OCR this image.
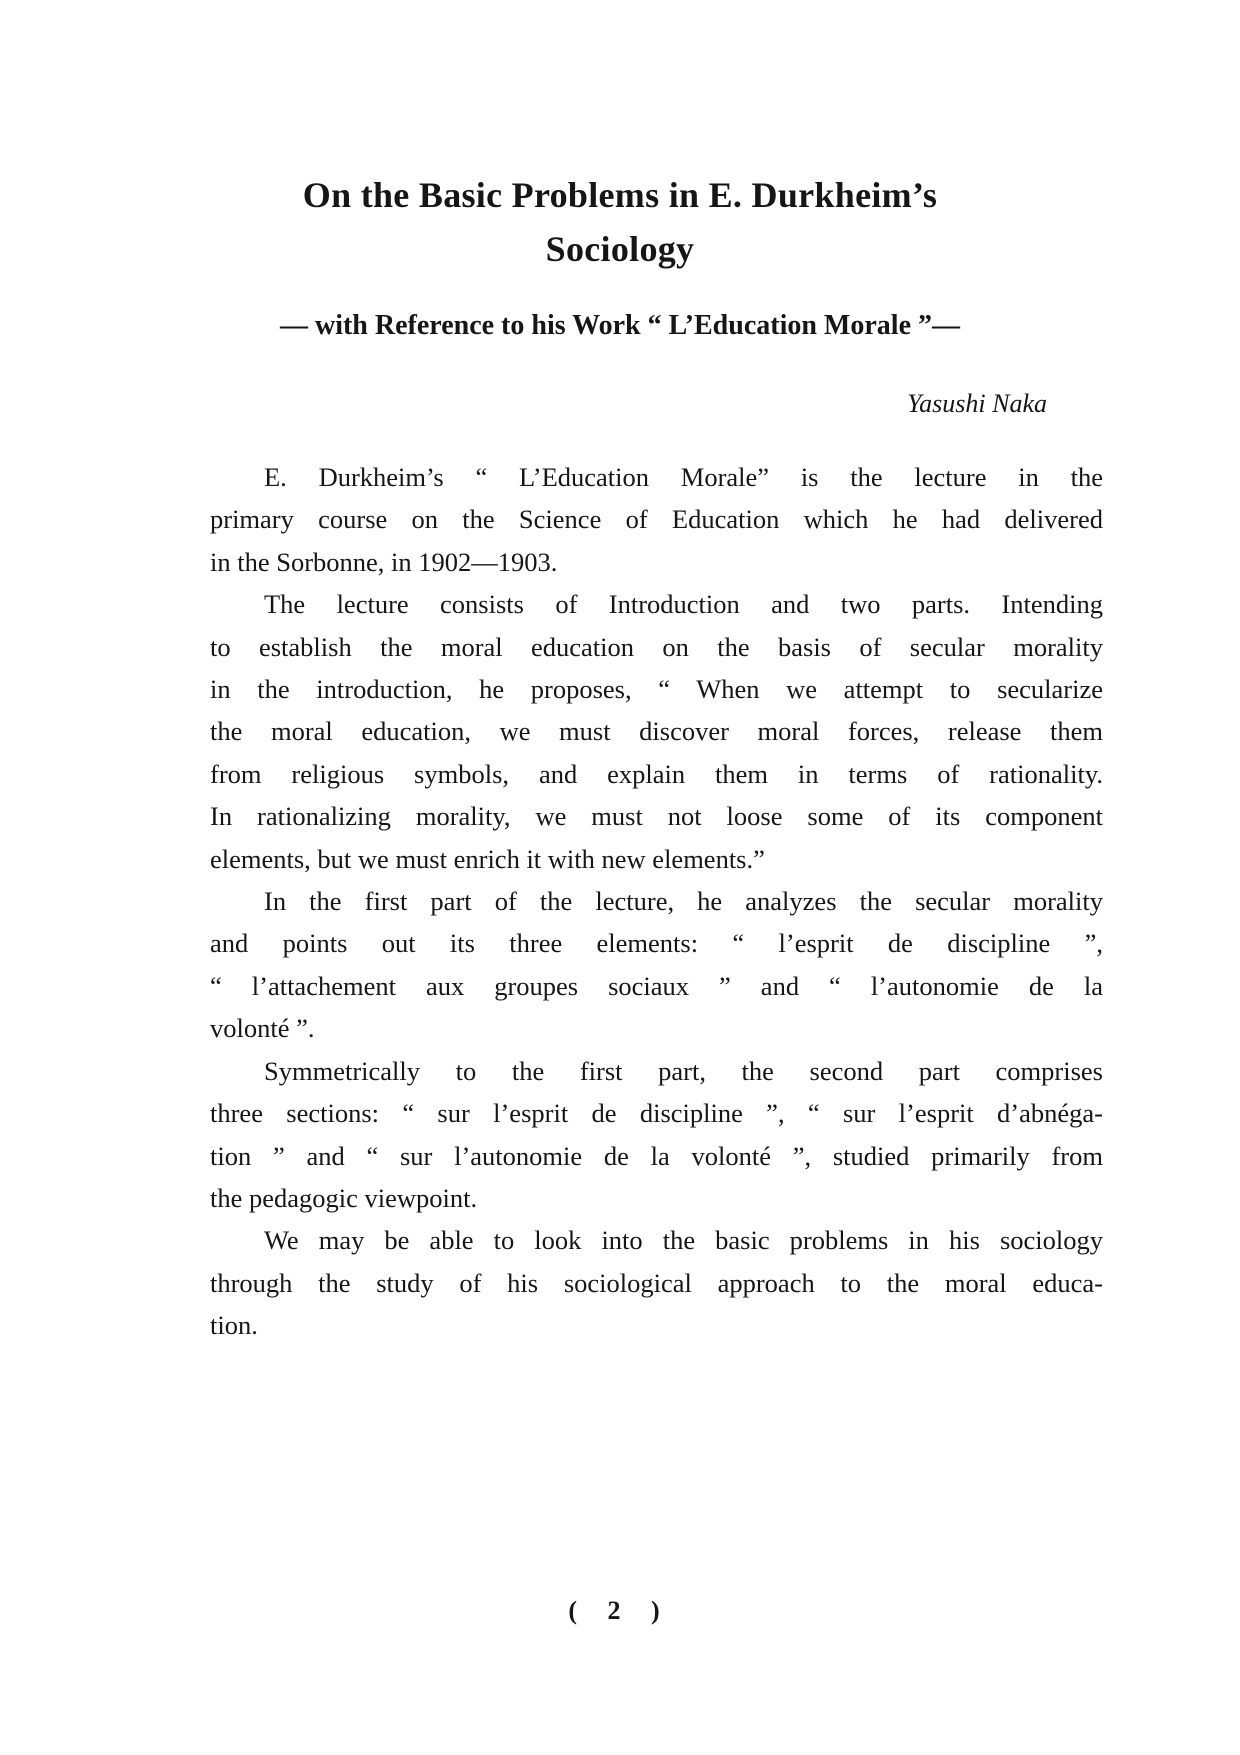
On the Basic Problems in E. Durkheim’s
Sociology
— with Reference to his Work “ L’Education Morale ”—
Yasushi Naka

E. Durkheim’s “ L’Education Morale” is the lecture in the
primary course on the Science of Education which he had delivered
in the Sorbonne, in 1902—1903.

The lecture consists of Introduction and two parts. Intending
to establish the moral education on the basis of secular morality
in the introduction, he proposes, “ When we attempt to secularize
the moral education, we must discover moral forces, release them
from religious symbols, and explain them in terms of rationality.
In rationalizing morality, we must not loose some of its component
elements, but we must enrich it with new elements.”

In the first part of the lecture, he analyzes the secular morality
and points out its three elements: “ l’esprit de discipline ”,
“ l’attachement aux groupes sociaux ” and “ l’autonomie de la
volonté ”.

Symmetrically to the first part, the second part comprises
three sections: “ sur l’esprit de discipline ”, “ sur l’esprit d’abnéga-
tion ” and “ sur l’autonomie de la volonté ”, studied primarily from
the pedagogic viewpoint.

We may be able to look into the basic problems in his sociology
through the study of his sociological approach to the moral educa-
tion.

( 2 )
